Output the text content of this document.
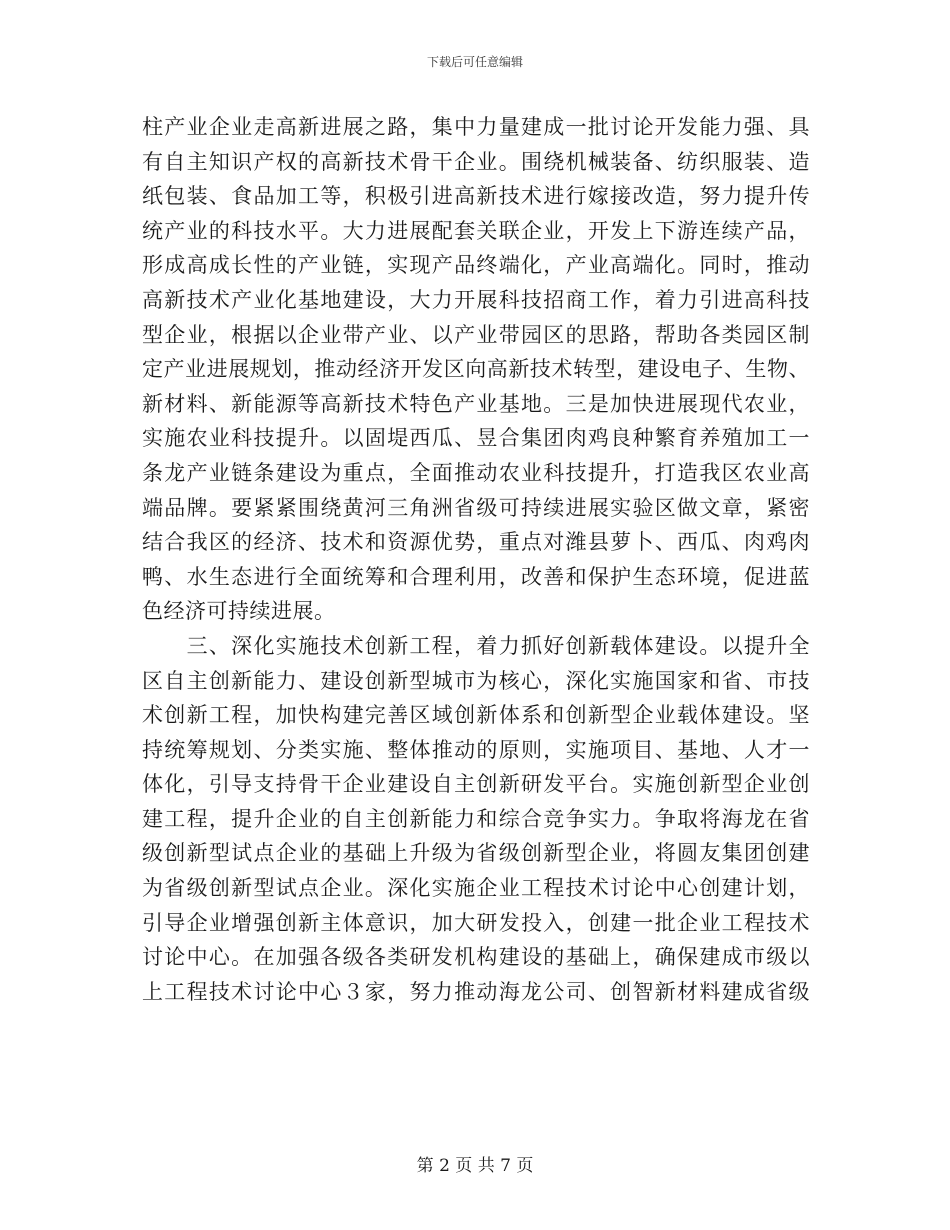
下载后可任意编辑
柱产业企业走高新进展之路，集中力量建成一批讨论开发能力强、具
有自主知识产权的高新技术骨干企业。围绕机械装备、纺织服装、造
纸包装、食品加工等，积极引进高新技术进行嫁接改造，努力提升传
统产业的科技水平。大力进展配套关联企业，开发上下游连续产品，
形成高成长性的产业链，实现产品终端化，产业高端化。同时，推动
高新技术产业化基地建设，大力开展科技招商工作，着力引进高科技
型企业，根据以企业带产业、以产业带园区的思路，帮助各类园区制
定产业进展规划，推动经济开发区向高新技术转型，建设电子、生物、
新材料、新能源等高新技术特色产业基地。三是加快进展现代农业，
实施农业科技提升。以固堤西瓜、昱合集团肉鸡良种繁育养殖加工一
条龙产业链条建设为重点，全面推动农业科技提升，打造我区农业高
端品牌。要紧紧围绕黄河三角洲省级可持续进展实验区做文章，紧密
结合我区的经济、技术和资源优势，重点对潍县萝卜、西瓜、肉鸡肉
鸭、水生态进行全面统筹和合理利用，改善和保护生态环境，促进蓝
色经济可持续进展。
　　三、深化实施技术创新工程，着力抓好创新载体建设。以提升全
区自主创新能力、建设创新型城市为核心，深化实施国家和省、市技
术创新工程，加快构建完善区域创新体系和创新型企业载体建设。坚
持统筹规划、分类实施、整体推动的原则，实施项目、基地、人才一
体化，引导支持骨干企业建设自主创新研发平台。实施创新型企业创
建工程，提升企业的自主创新能力和综合竞争实力。争取将海龙在省
级创新型试点企业的基础上升级为省级创新型企业，将圆友集团创建
为省级创新型试点企业。深化实施企业工程技术讨论中心创建计划，
引导企业增强创新主体意识，加大研发投入，创建一批企业工程技术
讨论中心。在加强各级各类研发机构建设的基础上，确保建成市级以
上工程技术讨论中心３家，努力推动海龙公司、创智新材料建成省级
第 2 页 共 7 页
